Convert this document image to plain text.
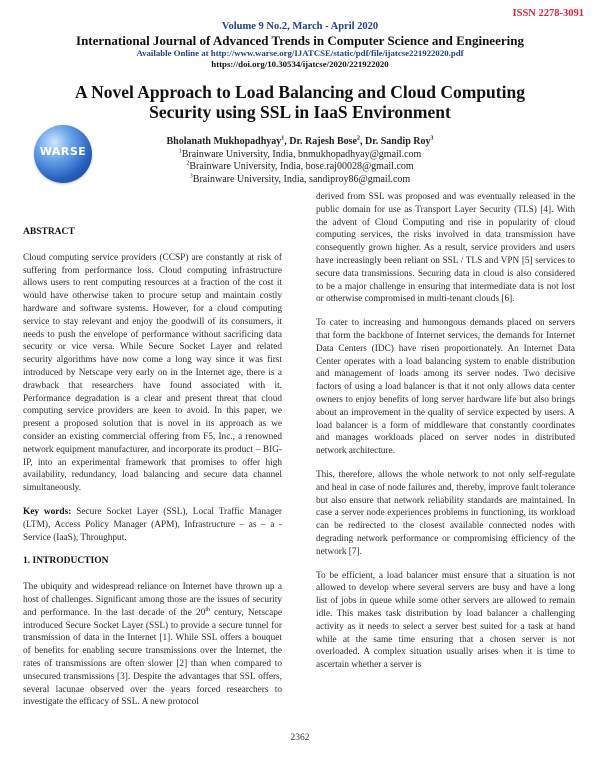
ISSN 2278-3091
Volume 9 No.2, March - April 2020
International Journal of Advanced Trends in Computer Science and Engineering
Available Online at http://www.warse.org/IJATCSE/static/pdf/file/ijatcse221922020.pdf
https://doi.org/10.30534/ijatcse/2020/221922020
A Novel Approach to Load Balancing and Cloud Computing
Security using SSL in IaaS Environment
WARSE
Bholanath Mukhopadhyay$^1$, Dr. Rajesh Bose$^2$, Dr. Sandip Roy$^3$
$^1$Brainware University, India, bnmukhopadhyay@gmail.com
$^2$Brainware University, India, bose.raj00028@gmail.com
$^3$Brainware University, India, sandiproy86@gmail.com
ABSTRACT

Cloud computing service providers (CCSP) are constantly at risk of suffering from performance loss. Cloud computing infrastructure allows users to rent computing resources at a fraction of the cost it would have otherwise taken to procure setup and maintain costly hardware and software systems. However, for a cloud computing service to stay relevant and enjoy the goodwill of its consumers, it needs to push the envelope of performance without sacrificing data security or vice versa. While Secure Socket Layer and related security algorithms have now come a long way since it was first introduced by Netscape very early on in the Internet age, there is a drawback that researchers have found associated with it. Performance degradation is a clear and present threat that cloud computing service providers are keen to avoid. In this paper, we present a proposed solution that is novel in its approach as we consider an existing commercial offering from F5, Inc., a renowned network equipment manufacturer, and incorporate its product – BIG-IP, into an experimental framework that promises to offer high availability, redundancy, load balancing and secure data channel simultaneously.

Key words: Secure Socket Layer (SSL), Local Traffic Manager (LTM), Access Policy Manager (APM), Infrastructure – as – a - Service (IaaS), Throughput.

1. INTRODUCTION

The ubiquity and widespread reliance on Internet have thrown up a host of challenges. Significant among those are the issues of security and performance. In the last decade of the 20th century, Netscape introduced Secure Socket Layer (SSL) to provide a secure tunnel for transmission of data in the Internet [1]. While SSL offers a bouquet of benefits for enabling secure transmissions over the Internet, the rates of transmissions are often slower [2] than when compared to unsecured transmissions [3]. Despite the advantages that SSL offers, several lacunae observed over the years forced researchers to investigate the efficacy of SSL. A new protocol

derived from SSL was proposed and was eventually released in the public domain for use as Transport Layer Security (TLS) [4]. With the advent of Cloud Computing and rise in popularity of cloud computing services, the risks involved in data transmission have consequently grown higher. As a result, service providers and users have increasingly been reliant on SSL / TLS and VPN [5] services to secure data transmissions. Securing data in cloud is also considered to be a major challenge in ensuring that intermediate data is not lost or otherwise compromised in multi-tenant clouds [6].

To cater to increasing and humongous demands placed on servers that form the backbone of Internet services, the demands for Internet Data Centers (IDC) have risen proportionately. An Internet Data Center operates with a load balancing system to enable distribution and management of loads among its server nodes. Two decisive factors of using a load balancer is that it not only allows data center owners to enjoy benefits of long server hardware life but also brings about an improvement in the quality of service expected by users. A load balancer is a form of middleware that constantly coordinates and manages workloads placed on server nodes in distributed network architecture.

This, therefore, allows the whole network to not only self-regulate and heal in case of node failures and, thereby, improve fault tolerance but also ensure that network reliability standards are maintained. In case a server node experiences problems in functioning, its workload can be redirected to the closest available connected nodes with degrading network performance or compromising efficiency of the network [7].

To be efficient, a load balancer must ensure that a situation is not allowed to develop where several servers are busy and have a long list of jobs in queue while some other servers are allowed to remain idle. This makes task distribution by load balancer a challenging activity as it needs to select a server best suited for a task at hand while at the same time ensuring that a chosen server is not overloaded. A complex situation usually arises when it is time to ascertain whether a server is

2362
